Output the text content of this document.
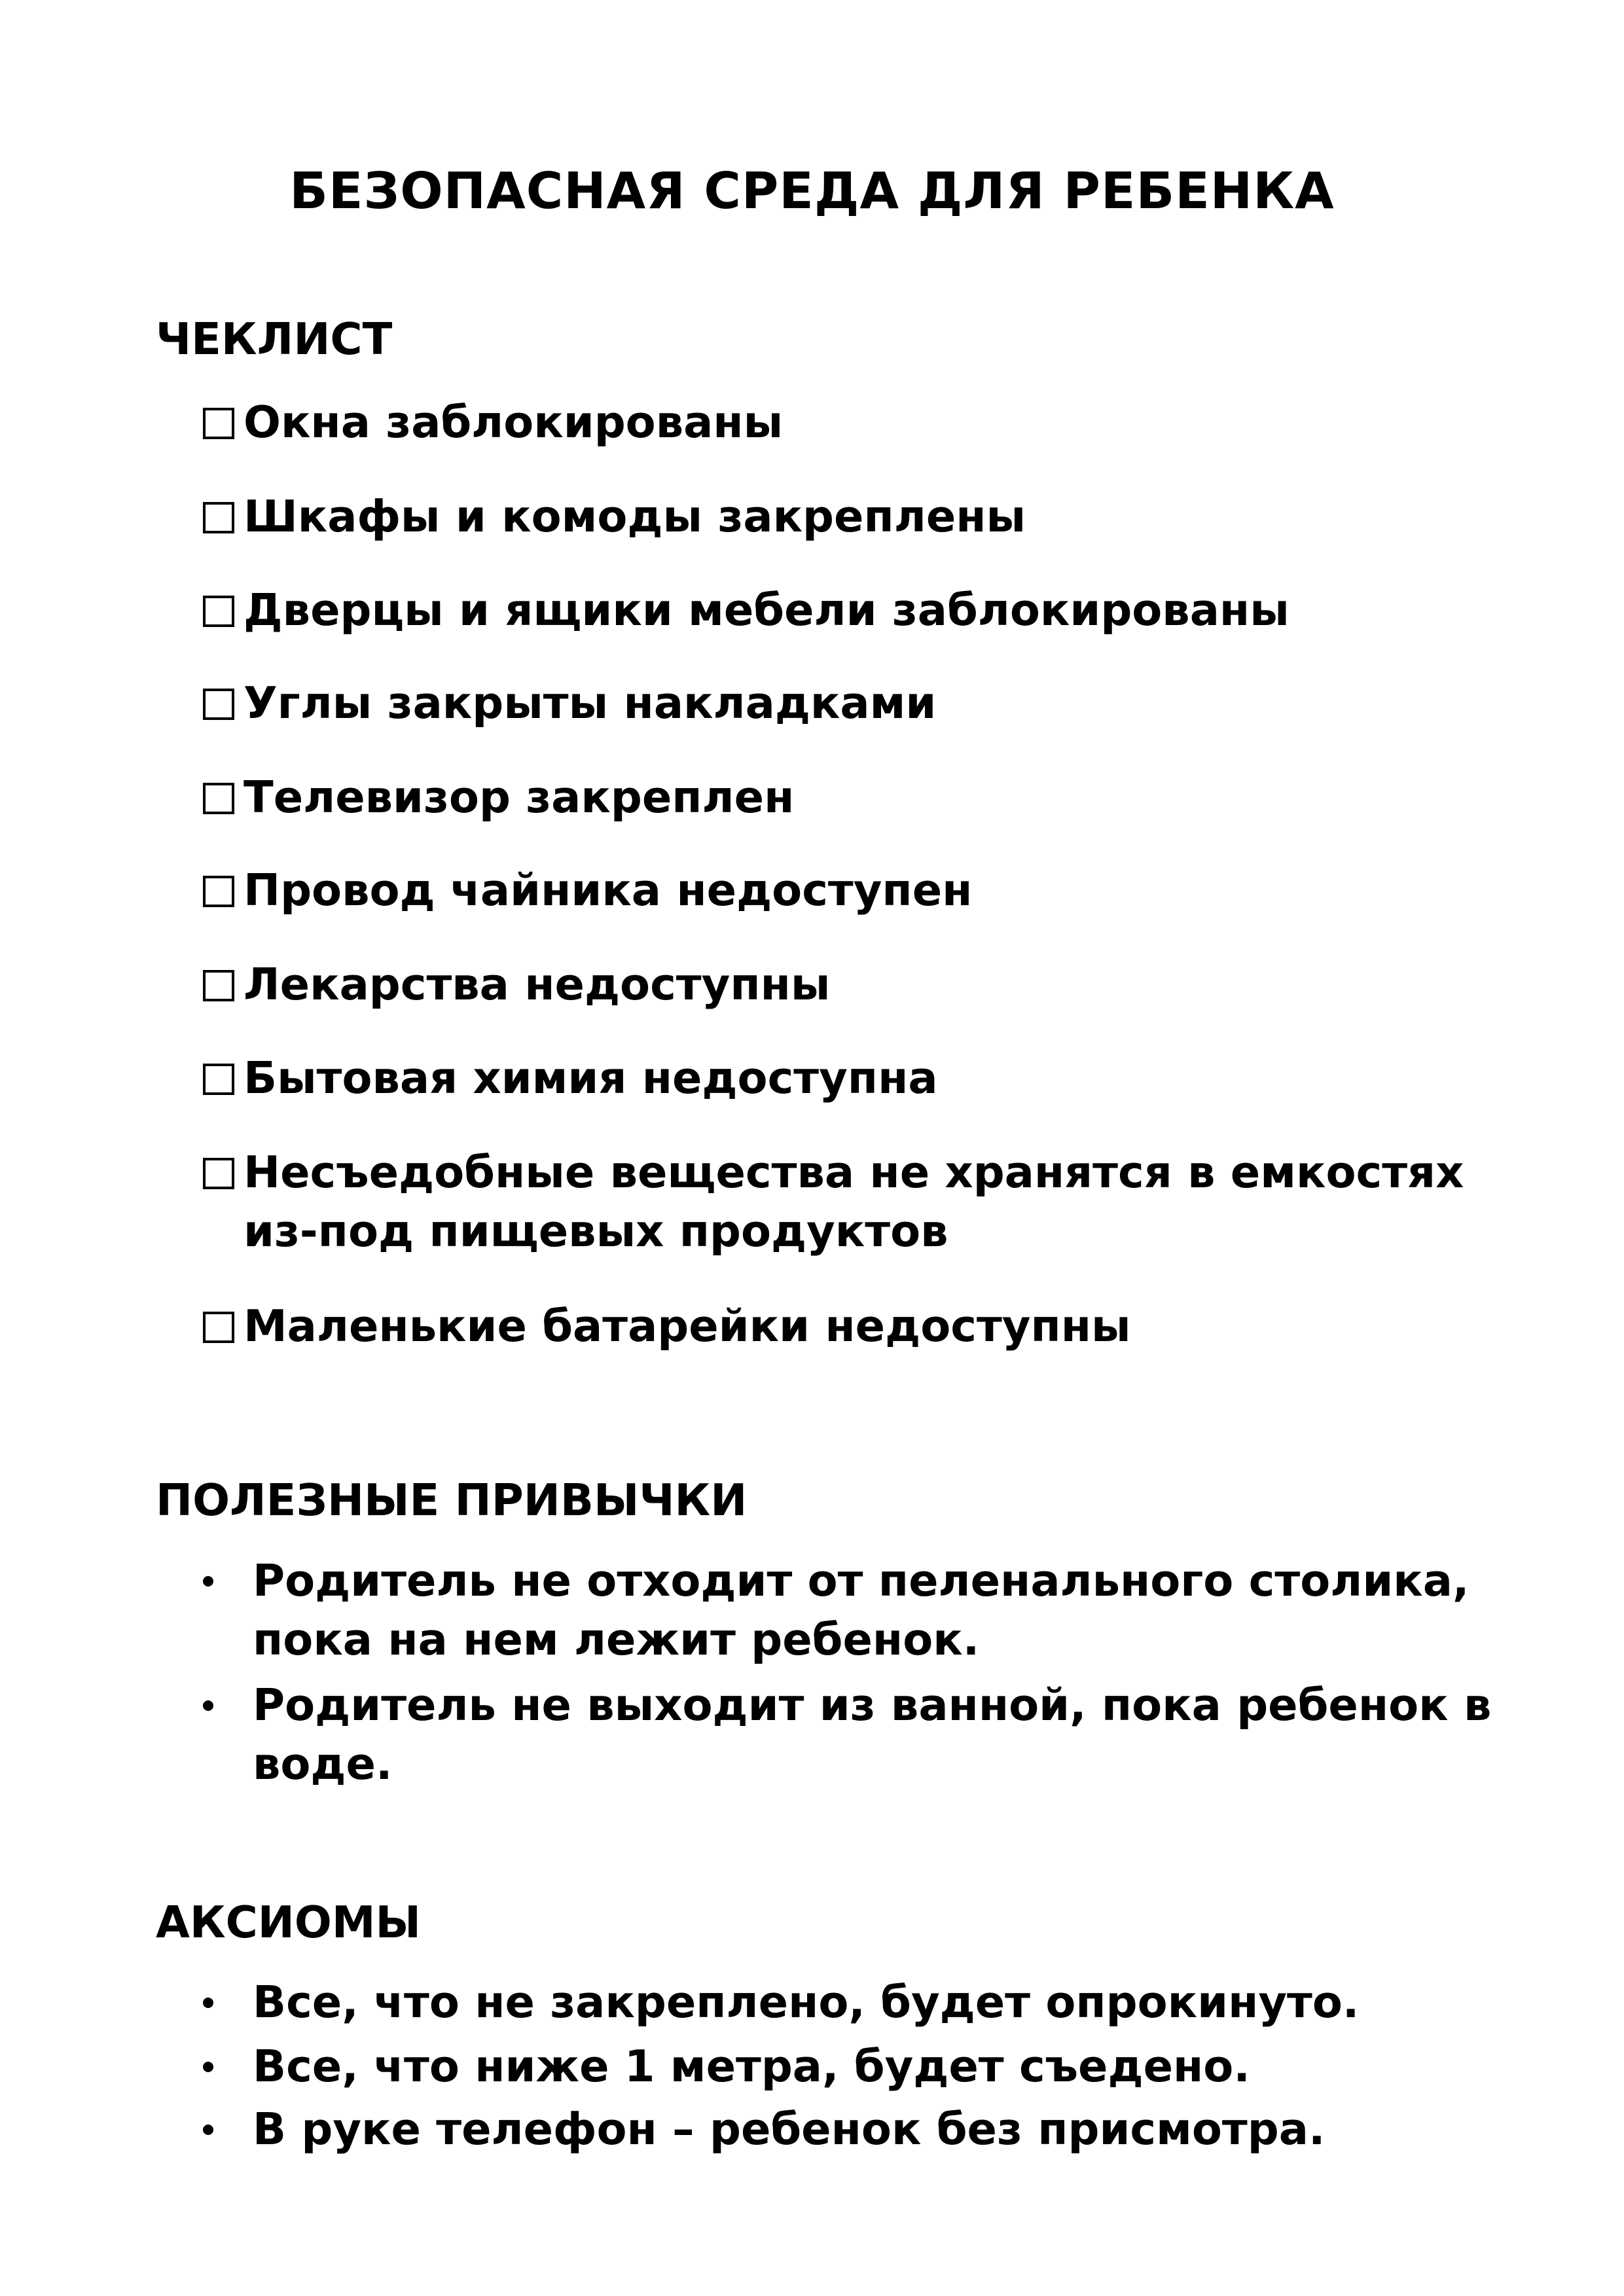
БЕЗОПАСНАЯ СРЕДА ДЛЯ РЕБЕНКА
ЧЕКЛИСТ
Окна заблокированы
Шкафы и комоды закреплены
Дверцы и ящики мебели заблокированы
Углы закрыты накладками
Телевизор закреплен
Провод чайника недоступен
Лекарства недоступны
Бытовая химия недоступна
Несъедобные вещества не хранятся в емкостях из-под пищевых продуктов
Маленькие батарейки недоступны
ПОЛЕЗНЫЕ ПРИВЫЧКИ
Родитель не отходит от пеленального столика, пока на нем лежит ребенок.
Родитель не выходит из ванной, пока ребенок в воде.
АКСИОМЫ
Все, что не закреплено, будет опрокинуто.
Все, что ниже 1 метра, будет съедено.
В руке телефон – ребенок без присмотра.
